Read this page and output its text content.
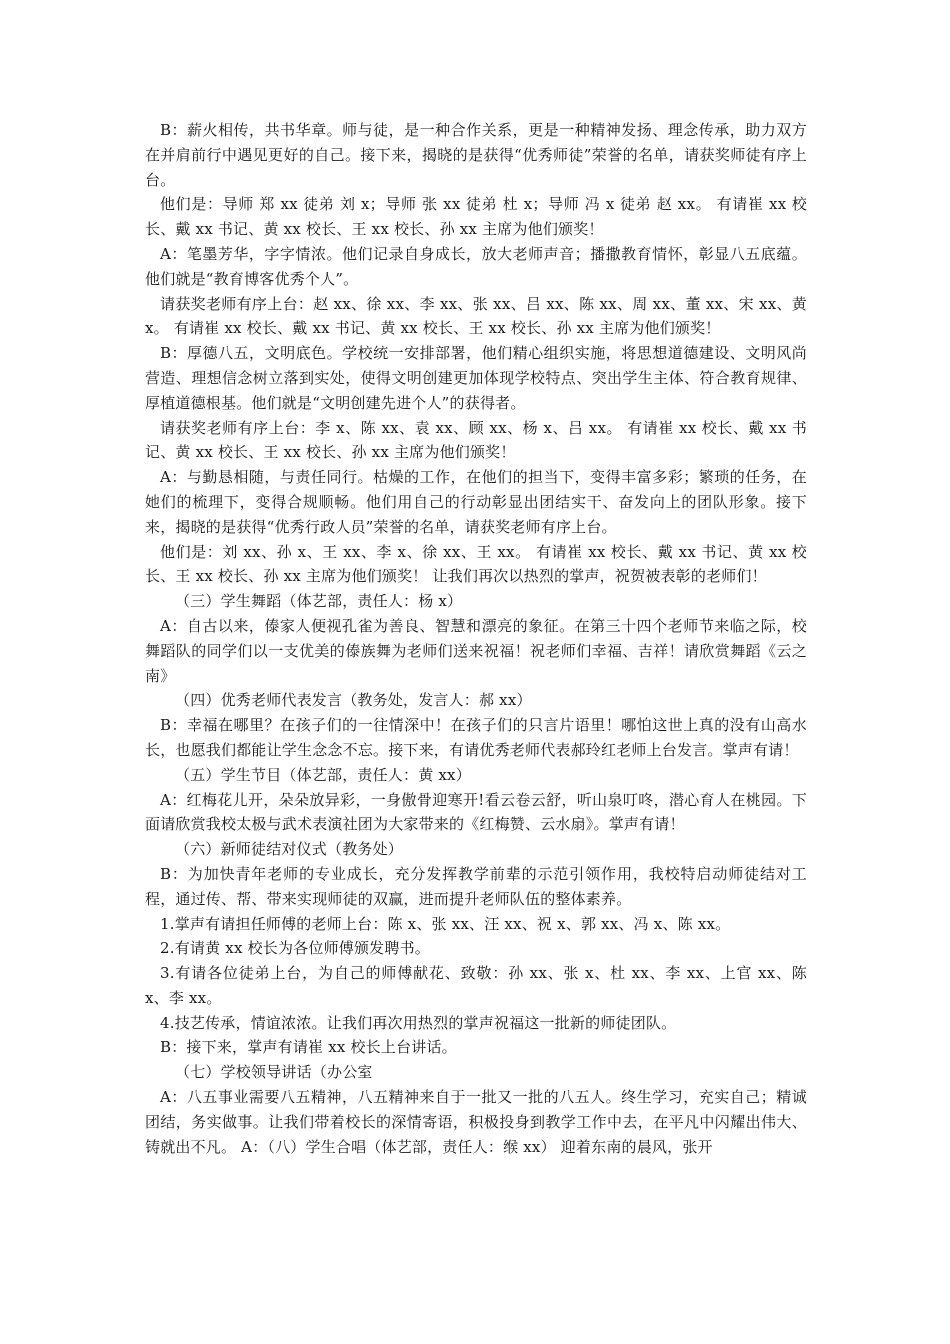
B：薪火相传，共书华章。师与徒，是一种合作关系，更是一种精神发扬、理念传承，助力双方在并肩前行中遇见更好的自己。接下来，揭晓的是获得“优秀师徒”荣誉的名单，请获奖师徒有序上台。

他们是：导师 郑 xx 徒弟 刘 x；导师 张 xx 徒弟 杜 x；导师 冯 x 徒弟 赵 xx。 有请崔 xx 校长、戴 xx 书记、黄 xx 校长、王 xx 校长、孙 xx 主席为他们颁奖！

A：笔墨芳华，字字情浓。他们记录自身成长，放大老师声音；播撒教育情怀，彰显八五底蕴。他们就是“教育博客优秀个人”。

请获奖老师有序上台：赵 xx、徐 xx、李 xx、张 xx、吕 xx、陈 xx、周 xx、董 xx、宋 xx、黄 x。 有请崔 xx 校长、戴 xx 书记、黄 xx 校长、王 xx 校长、孙 xx 主席为他们颁奖！

B：厚德八五，文明底色。学校统一安排部署，他们精心组织实施，将思想道德建设、文明风尚营造、理想信念树立落到实处，使得文明创建更加体现学校特点、突出学生主体、符合教育规律、厚植道德根基。他们就是“文明创建先进个人”的获得者。

请获奖老师有序上台：李 x、陈 xx、袁 xx、顾 xx、杨 x、吕 xx。 有请崔 xx 校长、戴 xx 书记、黄 xx 校长、王 xx 校长、孙 xx 主席为他们颁奖！

A：与勤恳相随，与责任同行。枯燥的工作，在他们的担当下，变得丰富多彩；繁琐的任务，在她们的梳理下，变得合规顺畅。他们用自己的行动彰显出团结实干、奋发向上的团队形象。接下来，揭晓的是获得“优秀行政人员”荣誉的名单，请获奖老师有序上台。

他们是：刘 xx、孙 x、王 xx、李 x、徐 xx、王 xx。 有请崔 xx 校长、戴 xx 书记、黄 xx 校长、王 xx 校长、孙 xx 主席为他们颁奖！ 让我们再次以热烈的掌声，祝贺被表彰的老师们！

（三）学生舞蹈（体艺部，责任人：杨 x）

A：自古以来，傣家人便视孔雀为善良、智慧和漂亮的象征。在第三十四个老师节来临之际，校舞蹈队的同学们以一支优美的傣族舞为老师们送来祝福！祝老师们幸福、吉祥！请欣赏舞蹈《云之南》

（四）优秀老师代表发言（教务处，发言人：郝 xx）

B：幸福在哪里？在孩子们的一往情深中！在孩子们的只言片语里！哪怕这世上真的没有山高水长，也愿我们都能让学生念念不忘。接下来，有请优秀老师代表郝玲红老师上台发言。掌声有请！

（五）学生节目（体艺部，责任人：黄 xx）

A：红梅花儿开，朵朵放异彩，一身傲骨迎寒开!看云卷云舒，听山泉叮咚，潜心育人在桃园。下面请欣赏我校太极与武术表演社团为大家带来的《红梅赞、云水扇》。掌声有请！

（六）新师徒结对仪式（教务处）

B：为加快青年老师的专业成长，充分发挥教学前辈的示范引领作用，我校特启动师徒结对工程，通过传、帮、带来实现师徒的双赢，进而提升老师队伍的整体素养。

1.掌声有请担任师傅的老师上台：陈 x、张 xx、汪 xx、祝 x、郭 xx、冯 x、陈 xx。

2.有请黄 xx 校长为各位师傅颁发聘书。

3.有请各位徒弟上台，为自己的师傅献花、致敬：孙 xx、张 x、杜 xx、李 xx、上官 xx、陈 x、李 xx。

4.技艺传承，情谊浓浓。让我们再次用热烈的掌声祝福这一批新的师徒团队。

B：接下来，掌声有请崔 xx 校长上台讲话。

（七）学校领导讲话（办公室

A：八五事业需要八五精神，八五精神来自于一批又一批的八五人。终生学习，充实自己；精诚团结，务实做事。让我们带着校长的深情寄语，积极投身到教学工作中去，在平凡中闪耀出伟大、铸就出不凡。 A：（八）学生合唱（体艺部，责任人：缑 xx） 迎着东南的晨风，张开
